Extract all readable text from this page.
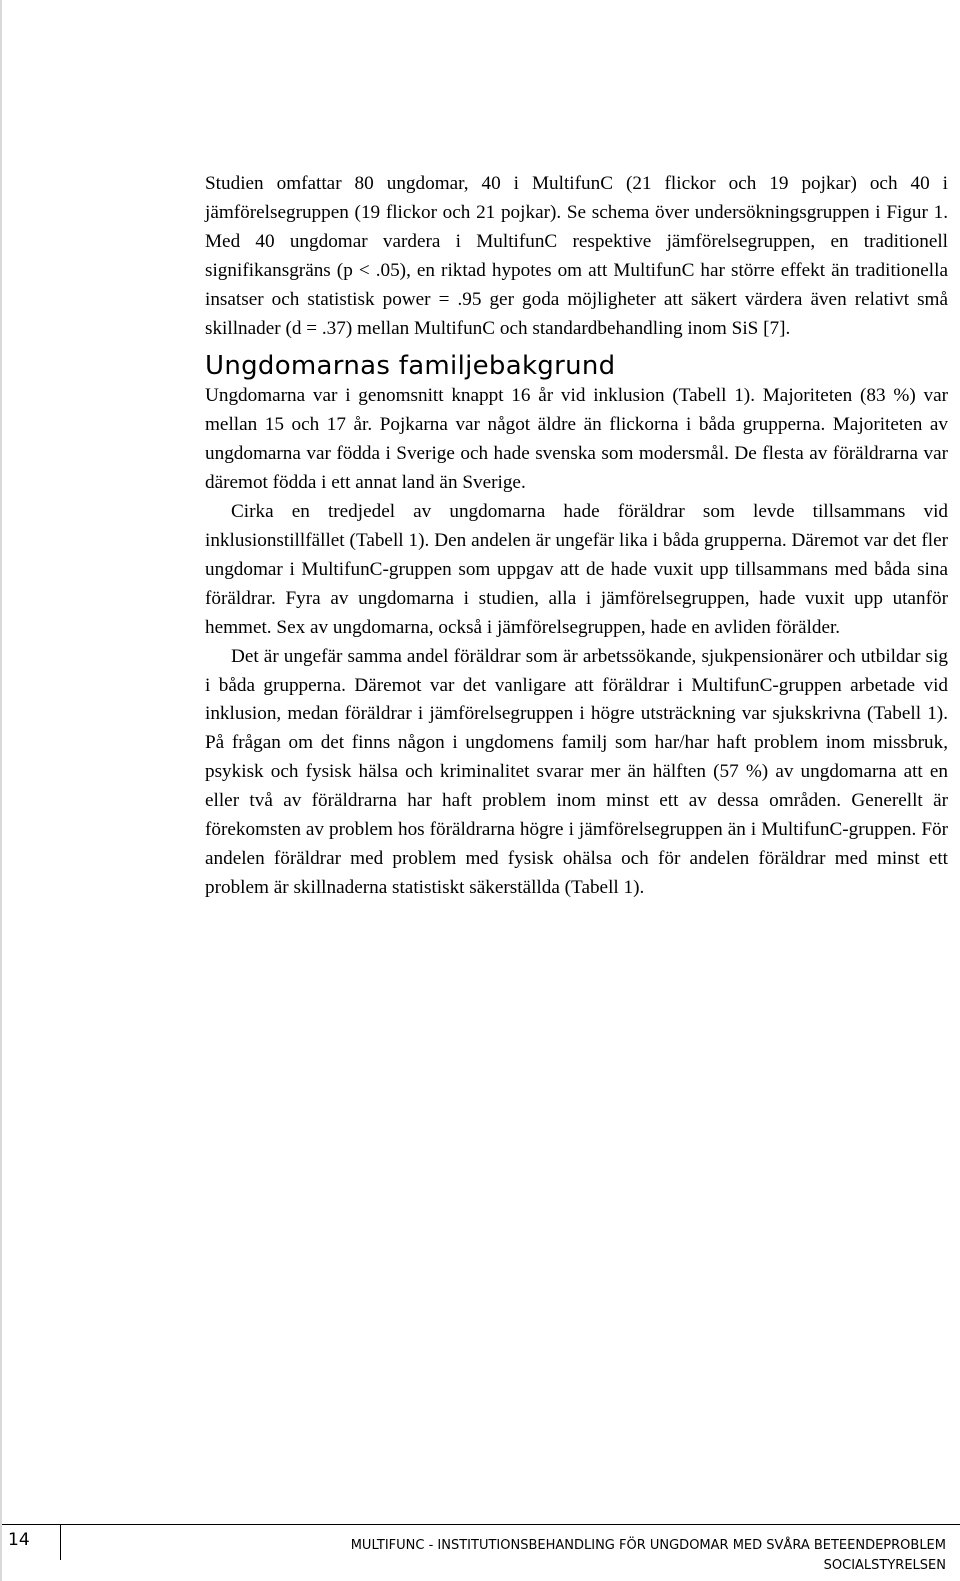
Studien omfattar 80 ungdomar, 40 i MultifunC (21 flickor och 19 pojkar) och 40 i jämförelsegruppen (19 flickor och 21 pojkar). Se schema över undersökningsgruppen i Figur 1. Med 40 ungdomar vardera i MultifunC respektive jämförelsegruppen, en traditionell signifikansgräns (p < .05), en riktad hypotes om att MultifunC har större effekt än traditionella insatser och statistisk power = .95 ger goda möjligheter att säkert värdera även relativt små skillnader (d = .37) mellan MultifunC och standardbehandling inom SiS [7].

Ungdomarnas familjebakgrund

Ungdomarna var i genomsnitt knappt 16 år vid inklusion (Tabell 1). Majoriteten (83 %) var mellan 15 och 17 år. Pojkarna var något äldre än flickorna i båda grupperna. Majoriteten av ungdomarna var födda i Sverige och hade svenska som modersmål. De flesta av föräldrarna var däremot födda i ett annat land än Sverige.

Cirka en tredjedel av ungdomarna hade föräldrar som levde tillsammans vid inklusionstillfället (Tabell 1). Den andelen är ungefär lika i båda grupperna. Däremot var det fler ungdomar i MultifunC-gruppen som uppgav att de hade vuxit upp tillsammans med båda sina föräldrar. Fyra av ungdomarna i studien, alla i jämförelsegruppen, hade vuxit upp utanför hemmet. Sex av ungdomarna, också i jämförelsegruppen, hade en avliden förälder.

Det är ungefär samma andel föräldrar som är arbetssökande, sjukpensionärer och utbildar sig i båda grupperna. Däremot var det vanligare att föräldrar i MultifunC-gruppen arbetade vid inklusion, medan föräldrar i jämförelsegruppen i högre utsträckning var sjukskrivna (Tabell 1). På frågan om det finns någon i ungdomens familj som har/har haft problem inom missbruk, psykisk och fysisk hälsa och kriminalitet svarar mer än hälften (57 %) av ungdomarna att en eller två av föräldrarna har haft problem inom minst ett av dessa områden. Generellt är förekomsten av problem hos föräldrarna högre i jämförelsegruppen än i MultifunC-gruppen. För andelen föräldrar med problem med fysisk ohälsa och för andelen föräldrar med minst ett problem är skillnaderna statistiskt säkerställda (Tabell 1).

14	MULTIFUNC - INSTITUTIONSBEHANDLING FÖR UNGDOMAR MED SVÅRA BETEENDEPROBLEM
SOCIALSTYRELSEN
